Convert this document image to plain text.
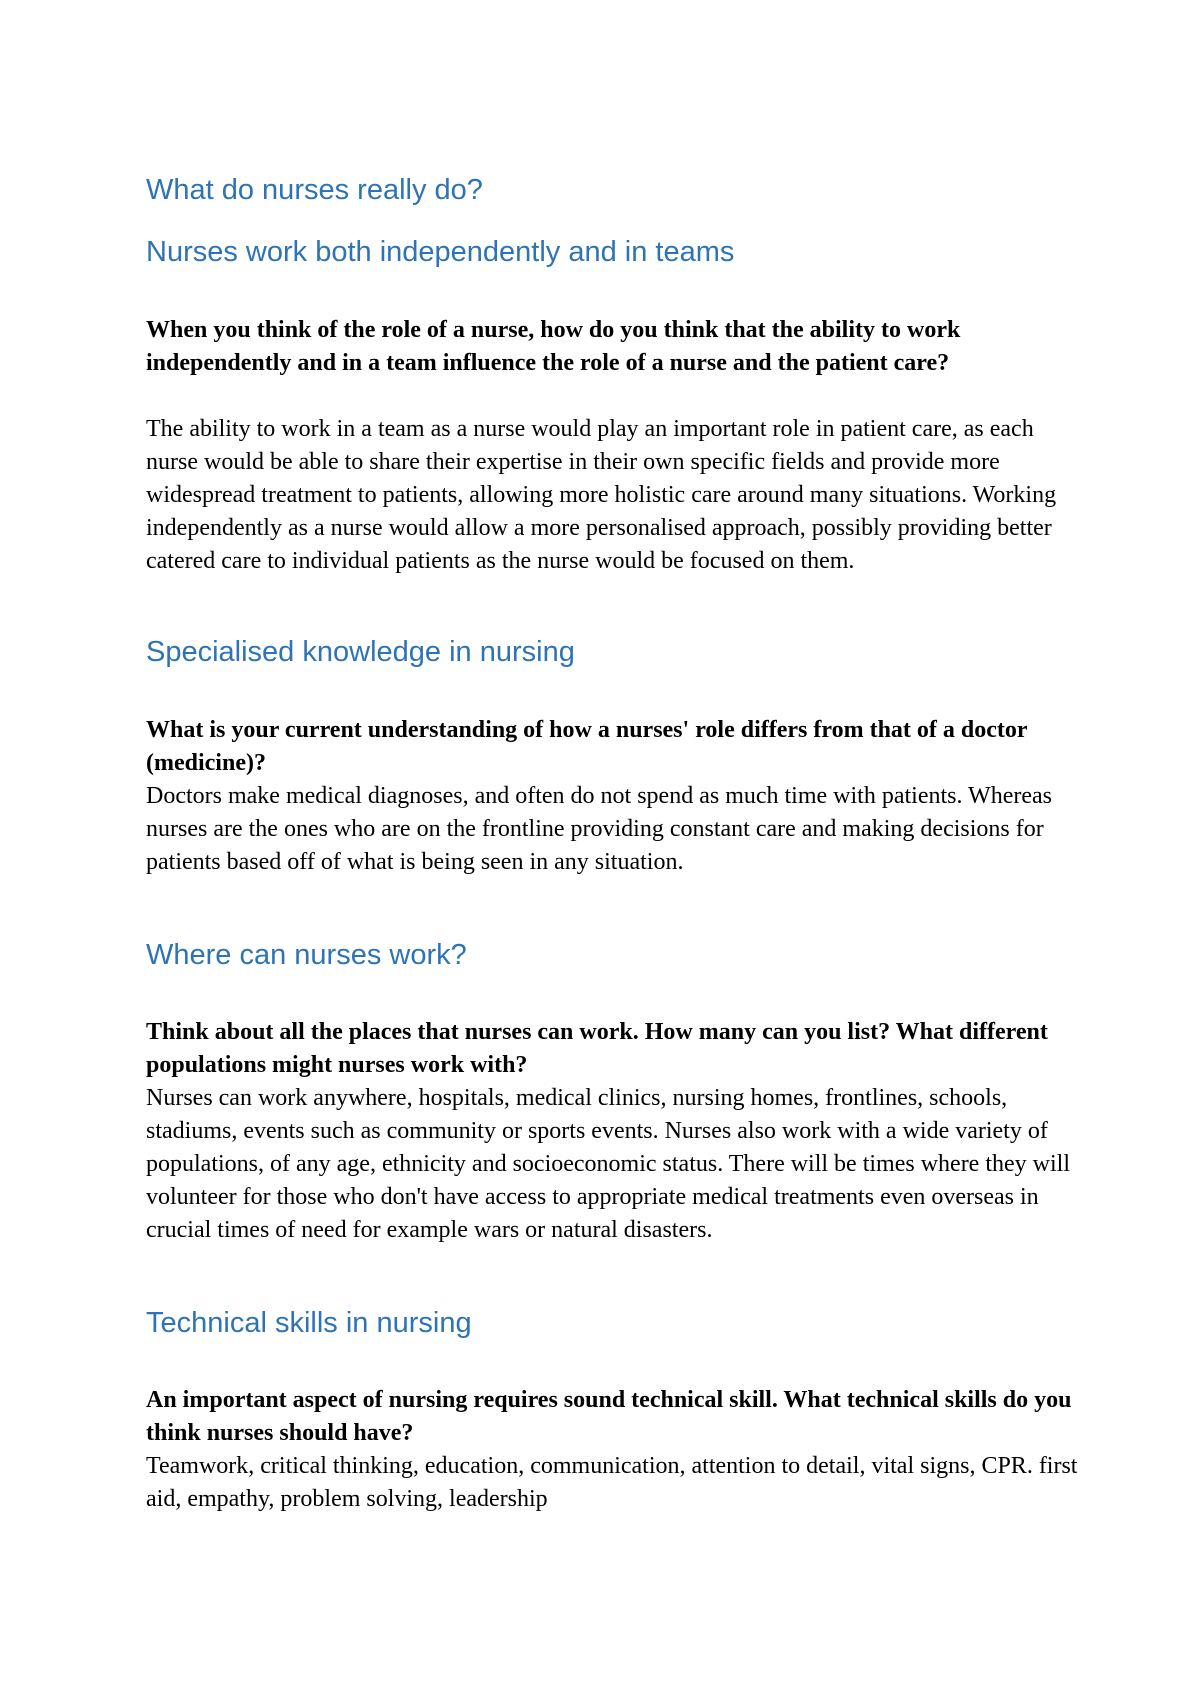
What do nurses really do?
Nurses work both independently and in teams

When you think of the role of a nurse, how do you think that the ability to work independently and in a team influence the role of a nurse and the patient care?

The ability to work in a team as a nurse would play an important role in patient care, as each nurse would be able to share their expertise in their own specific fields and provide more widespread treatment to patients, allowing more holistic care around many situations. Working independently as a nurse would allow a more personalised approach, possibly providing better catered care to individual patients as the nurse would be focused on them.

Specialised knowledge in nursing

What is your current understanding of how a nurses' role differs from that of a doctor (medicine)?

Doctors make medical diagnoses, and often do not spend as much time with patients. Whereas nurses are the ones who are on the frontline providing constant care and making decisions for patients based off of what is being seen in any situation.

Where can nurses work?

Think about all the places that nurses can work. How many can you list? What different populations might nurses work with?

Nurses can work anywhere, hospitals, medical clinics, nursing homes, frontlines, schools, stadiums, events such as community or sports events. Nurses also work with a wide variety of populations, of any age, ethnicity and socioeconomic status. There will be times where they will volunteer for those who don't have access to appropriate medical treatments even overseas in crucial times of need for example wars or natural disasters.

Technical skills in nursing

An important aspect of nursing requires sound technical skill. What technical skills do you think nurses should have?

Teamwork, critical thinking, education, communication, attention to detail, vital signs, CPR. first aid, empathy, problem solving, leadership
